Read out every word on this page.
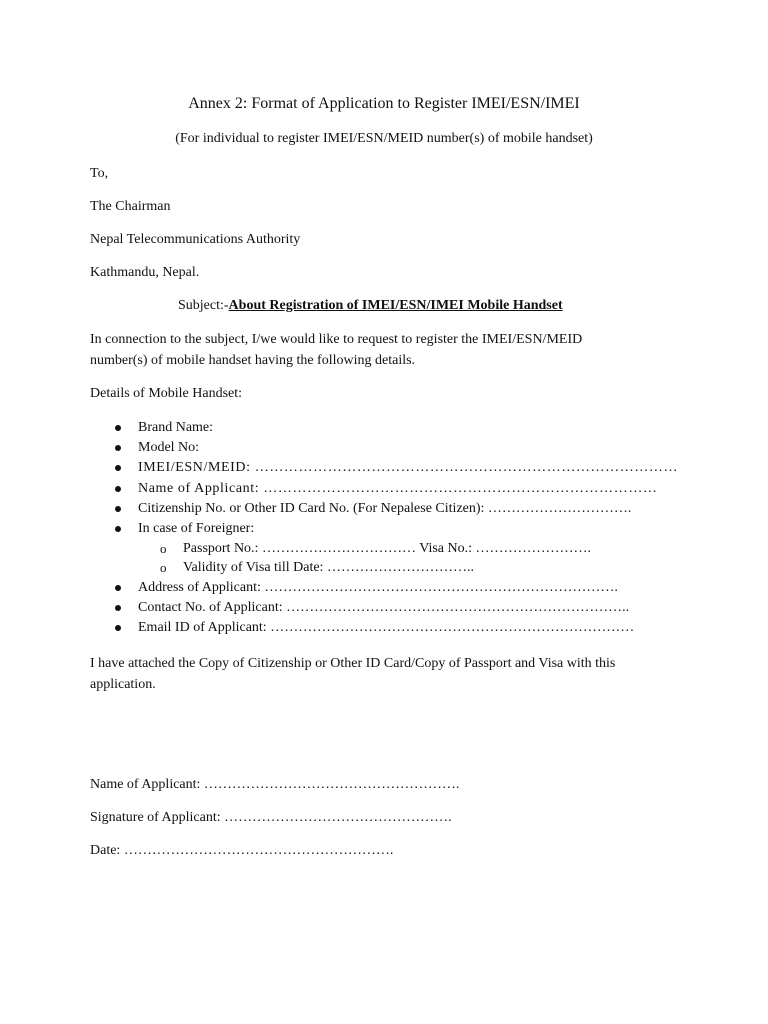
Annex 2: Format of Application to Register IMEI/ESN/IMEI
(For individual to register IMEI/ESN/MEID number(s) of mobile handset)
To,
The Chairman
Nepal Telecommunications Authority
Kathmandu, Nepal.
Subject:-About Registration of IMEI/ESN/IMEI Mobile Handset
In connection to the subject, I/we would like to request to register the IMEI/ESN/MEID
number(s) of mobile handset having the following details.
Details of Mobile Handset:
Brand Name:
Model No:
IMEI/ESN/MEID: ……………………………………………………………………………
Name of Applicant: ………………………………………………………………………
Citizenship No. or Other ID Card No. (For Nepalese Citizen): ………………………….
In case of Foreigner:
o Passport No.: …………………………… Visa No.: …………………….
o Validity of Visa till Date: …………………………..
Address of Applicant: ………………………………………………………………….
Contact No. of Applicant: ………………………………………………………………..
Email ID of Applicant: ……………………………………………………………………
I have attached the Copy of Citizenship or Other ID Card/Copy of Passport and Visa with this
application.
Name of Applicant: ……………………………………………….
Signature of Applicant: ………………………………………….
Date: ………………………………………………….
